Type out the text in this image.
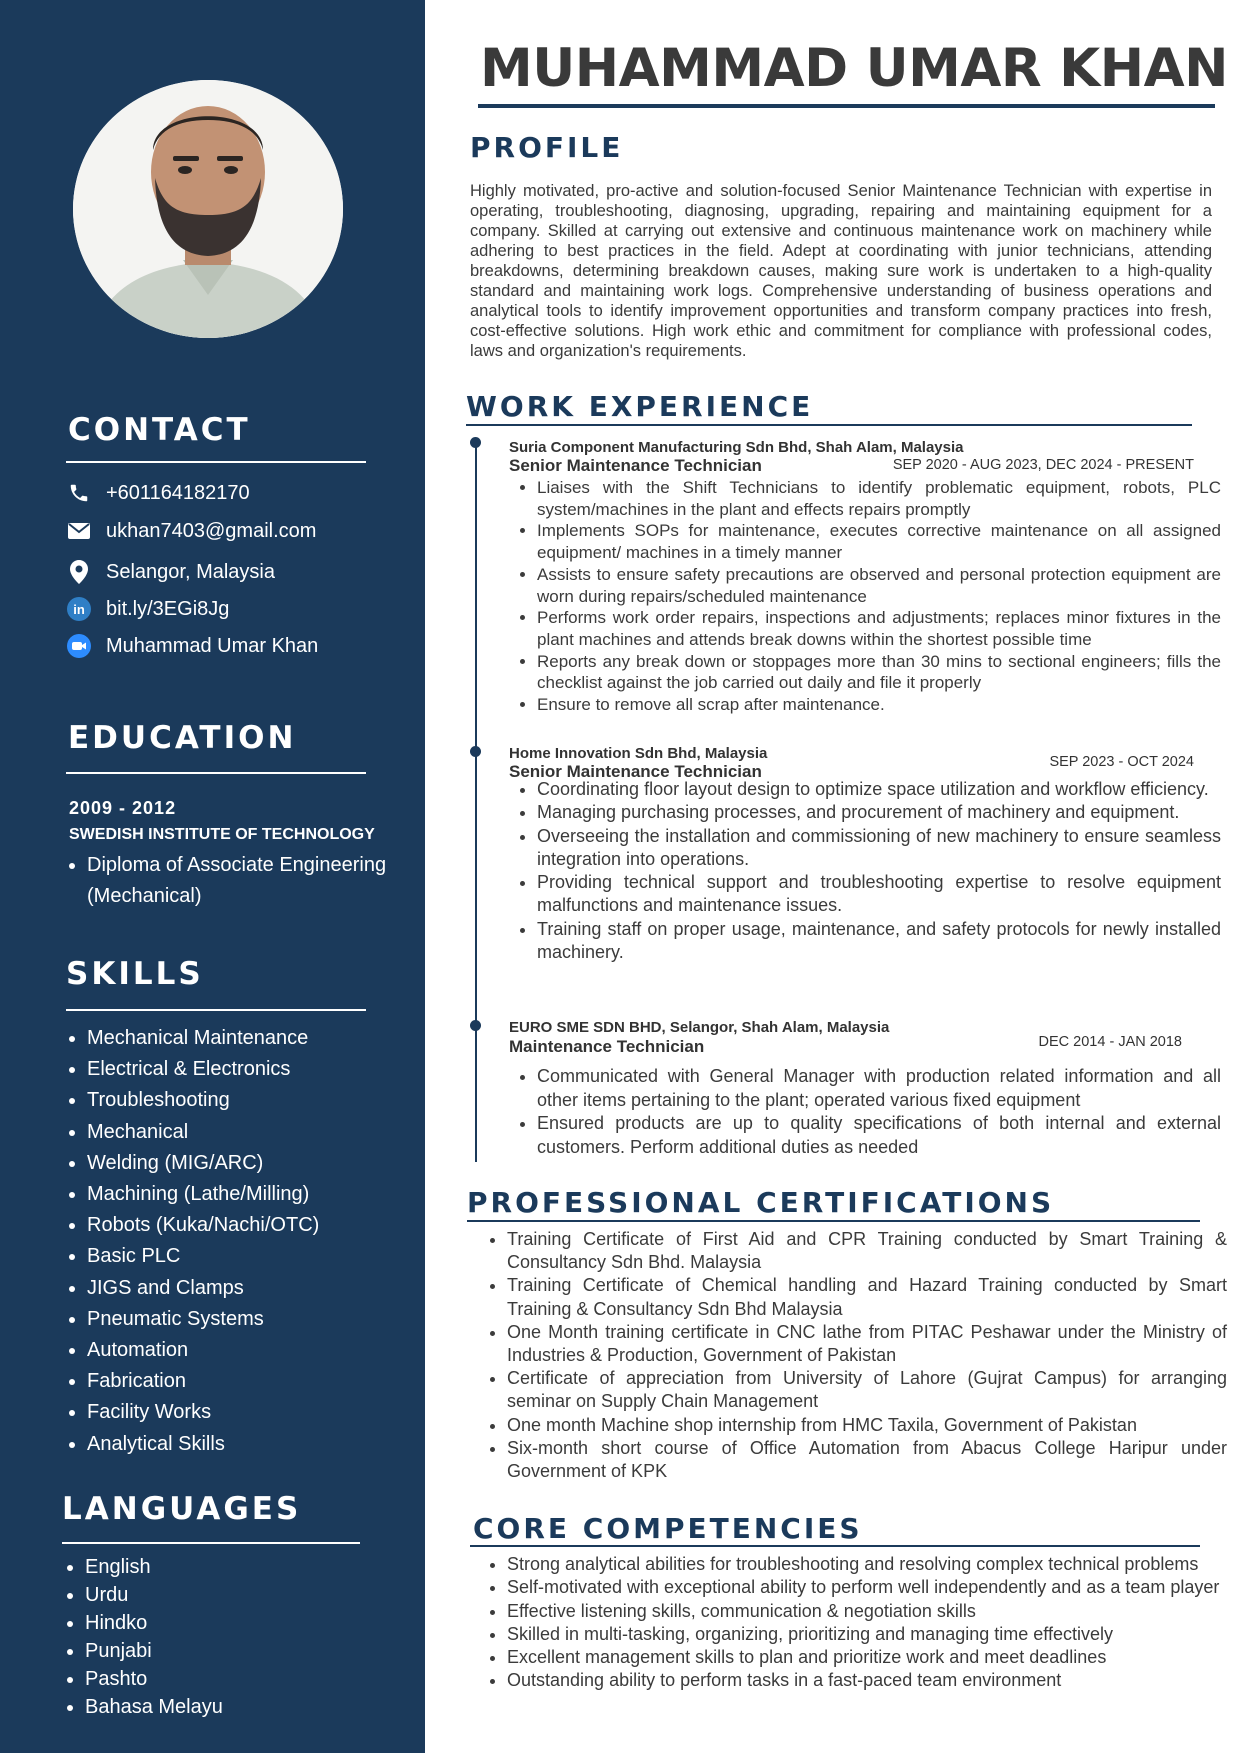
CONTACT
+601164182170
ukhan7403@gmail.com
Selangor, Malaysia
in bit.ly/3EGi8Jg
Muhammad Umar Khan
EDUCATION
2009 - 2012
SWEDISH INSTITUTE OF TECHNOLOGY
• Diploma of Associate Engineering (Mechanical)
SKILLS
• Mechanical Maintenance
• Electrical & Electronics
• Troubleshooting
• Mechanical
• Welding (MIG/ARC)
• Machining (Lathe/Milling)
• Robots (Kuka/Nachi/OTC)
• Basic PLC
• JIGS and Clamps
• Pneumatic Systems
• Automation
• Fabrication
• Facility Works
• Analytical Skills
LANGUAGES
• English
• Urdu
• Hindko
• Punjabi
• Pashto
• Bahasa Melayu
MUHAMMAD UMAR KHAN
PROFILE

Highly motivated, pro-active and solution-focused Senior Maintenance Technician with expertise in operating, troubleshooting, diagnosing, upgrading, repairing and maintaining equipment for a company. Skilled at carrying out extensive and continuous maintenance work on machinery while adhering to best practices in the field. Adept at coordinating with junior technicians, attending breakdowns, determining breakdown causes, making sure work is undertaken to a high-quality standard and maintaining work logs. Comprehensive understanding of business operations and analytical tools to identify improvement opportunities and transform company practices into fresh, cost-effective solutions. High work ethic and commitment for compliance with professional codes, laws and organization's requirements.

WORK EXPERIENCE
Suria Component Manufacturing Sdn Bhd, Shah Alam, Malaysia
Senior Maintenance Technician	SEP 2020 - AUG 2023, DEC 2024 - PRESENT
• Liaises with the Shift Technicians to identify problematic equipment, robots, PLC system/machines in the plant and effects repairs promptly
• Implements SOPs for maintenance, executes corrective maintenance on all assigned equipment/ machines in a timely manner
• Assists to ensure safety precautions are observed and personal protection equipment are worn during repairs/scheduled maintenance
• Performs work order repairs, inspections and adjustments; replaces minor fixtures in the plant machines and attends break downs within the shortest possible time
• Reports any break down or stoppages more than 30 mins to sectional engineers; fills the checklist against the job carried out daily and file it properly
• Ensure to remove all scrap after maintenance.
Home Innovation Sdn Bhd, Malaysia
Senior Maintenance Technician	SEP 2023 - OCT 2024
• Coordinating floor layout design to optimize space utilization and workflow efficiency.
• Managing purchasing processes, and procurement of machinery and equipment.
• Overseeing the installation and commissioning of new machinery to ensure seamless integration into operations.
• Providing technical support and troubleshooting expertise to resolve equipment malfunctions and maintenance issues.
• Training staff on proper usage, maintenance, and safety protocols for newly installed machinery.
EURO SME SDN BHD, Selangor, Shah Alam, Malaysia
Maintenance Technician	DEC 2014 - JAN 2018
• Communicated with General Manager with production related information and all other items pertaining to the plant; operated various fixed equipment
• Ensured products are up to quality specifications of both internal and external customers. Perform additional duties as needed
PROFESSIONAL CERTIFICATIONS
• Training Certificate of First Aid and CPR Training conducted by Smart Training & Consultancy Sdn Bhd. Malaysia
• Training Certificate of Chemical handling and Hazard Training conducted by Smart Training & Consultancy Sdn Bhd Malaysia
• One Month training certificate in CNC lathe from PITAC Peshawar under the Ministry of Industries & Production, Government of Pakistan
• Certificate of appreciation from University of Lahore (Gujrat Campus) for arranging seminar on Supply Chain Management
• One month Machine shop internship from HMC Taxila, Government of Pakistan
• Six-month short course of Office Automation from Abacus College Haripur under Government of KPK
CORE COMPETENCIES
• Strong analytical abilities for troubleshooting and resolving complex technical problems
• Self-motivated with exceptional ability to perform well independently and as a team player
• Effective listening skills, communication & negotiation skills
• Skilled in multi-tasking, organizing, prioritizing and managing time effectively
• Excellent management skills to plan and prioritize work and meet deadlines
• Outstanding ability to perform tasks in a fast-paced team environment
